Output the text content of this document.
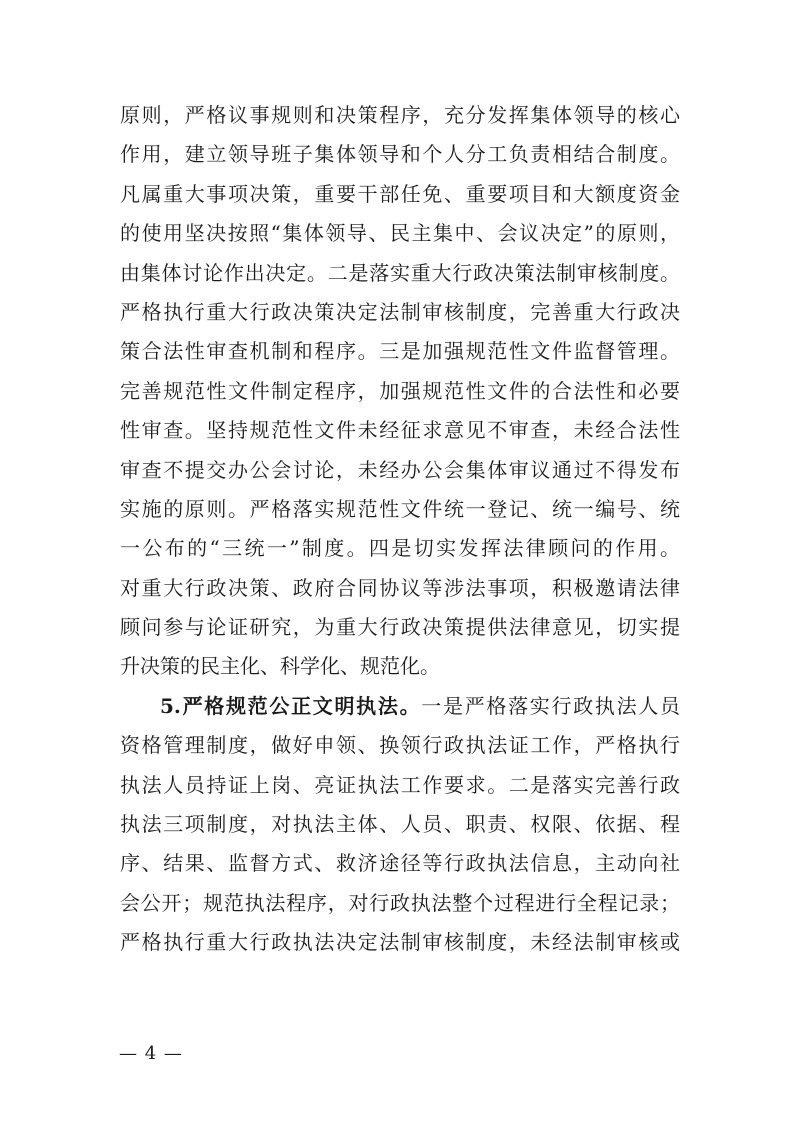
原则，严格议事规则和决策程序，充分发挥集体领导的核心
作用，建立领导班子集体领导和个人分工负责相结合制度。
凡属重大事项决策，重要干部任免、重要项目和大额度资金
的使用坚决按照“集体领导、民主集中、会议决定”的原则，
由集体讨论作出决定。二是落实重大行政决策法制审核制度。
严格执行重大行政决策决定法制审核制度，完善重大行政决
策合法性审查机制和程序。三是加强规范性文件监督管理。
完善规范性文件制定程序，加强规范性文件的合法性和必要
性审查。坚持规范性文件未经征求意见不审查，未经合法性
审查不提交办公会讨论，未经办公会集体审议通过不得发布
实施的原则。严格落实规范性文件统一登记、统一编号、统
一公布的“三统一”制度。四是切实发挥法律顾问的作用。
对重大行政决策、政府合同协议等涉法事项，积极邀请法律
顾问参与论证研究，为重大行政决策提供法律意见，切实提
升决策的民主化、科学化、规范化。
5.严格规范公正文明执法。一是严格落实行政执法人员
资格管理制度，做好申领、换领行政执法证工作，严格执行
执法人员持证上岗、亮证执法工作要求。二是落实完善行政
执法三项制度，对执法主体、人员、职责、权限、依据、程
序、结果、监督方式、救济途径等行政执法信息，主动向社
会公开；规范执法程序，对行政执法整个过程进行全程记录；
严格执行重大行政执法决定法制审核制度，未经法制审核或
— 4 —
